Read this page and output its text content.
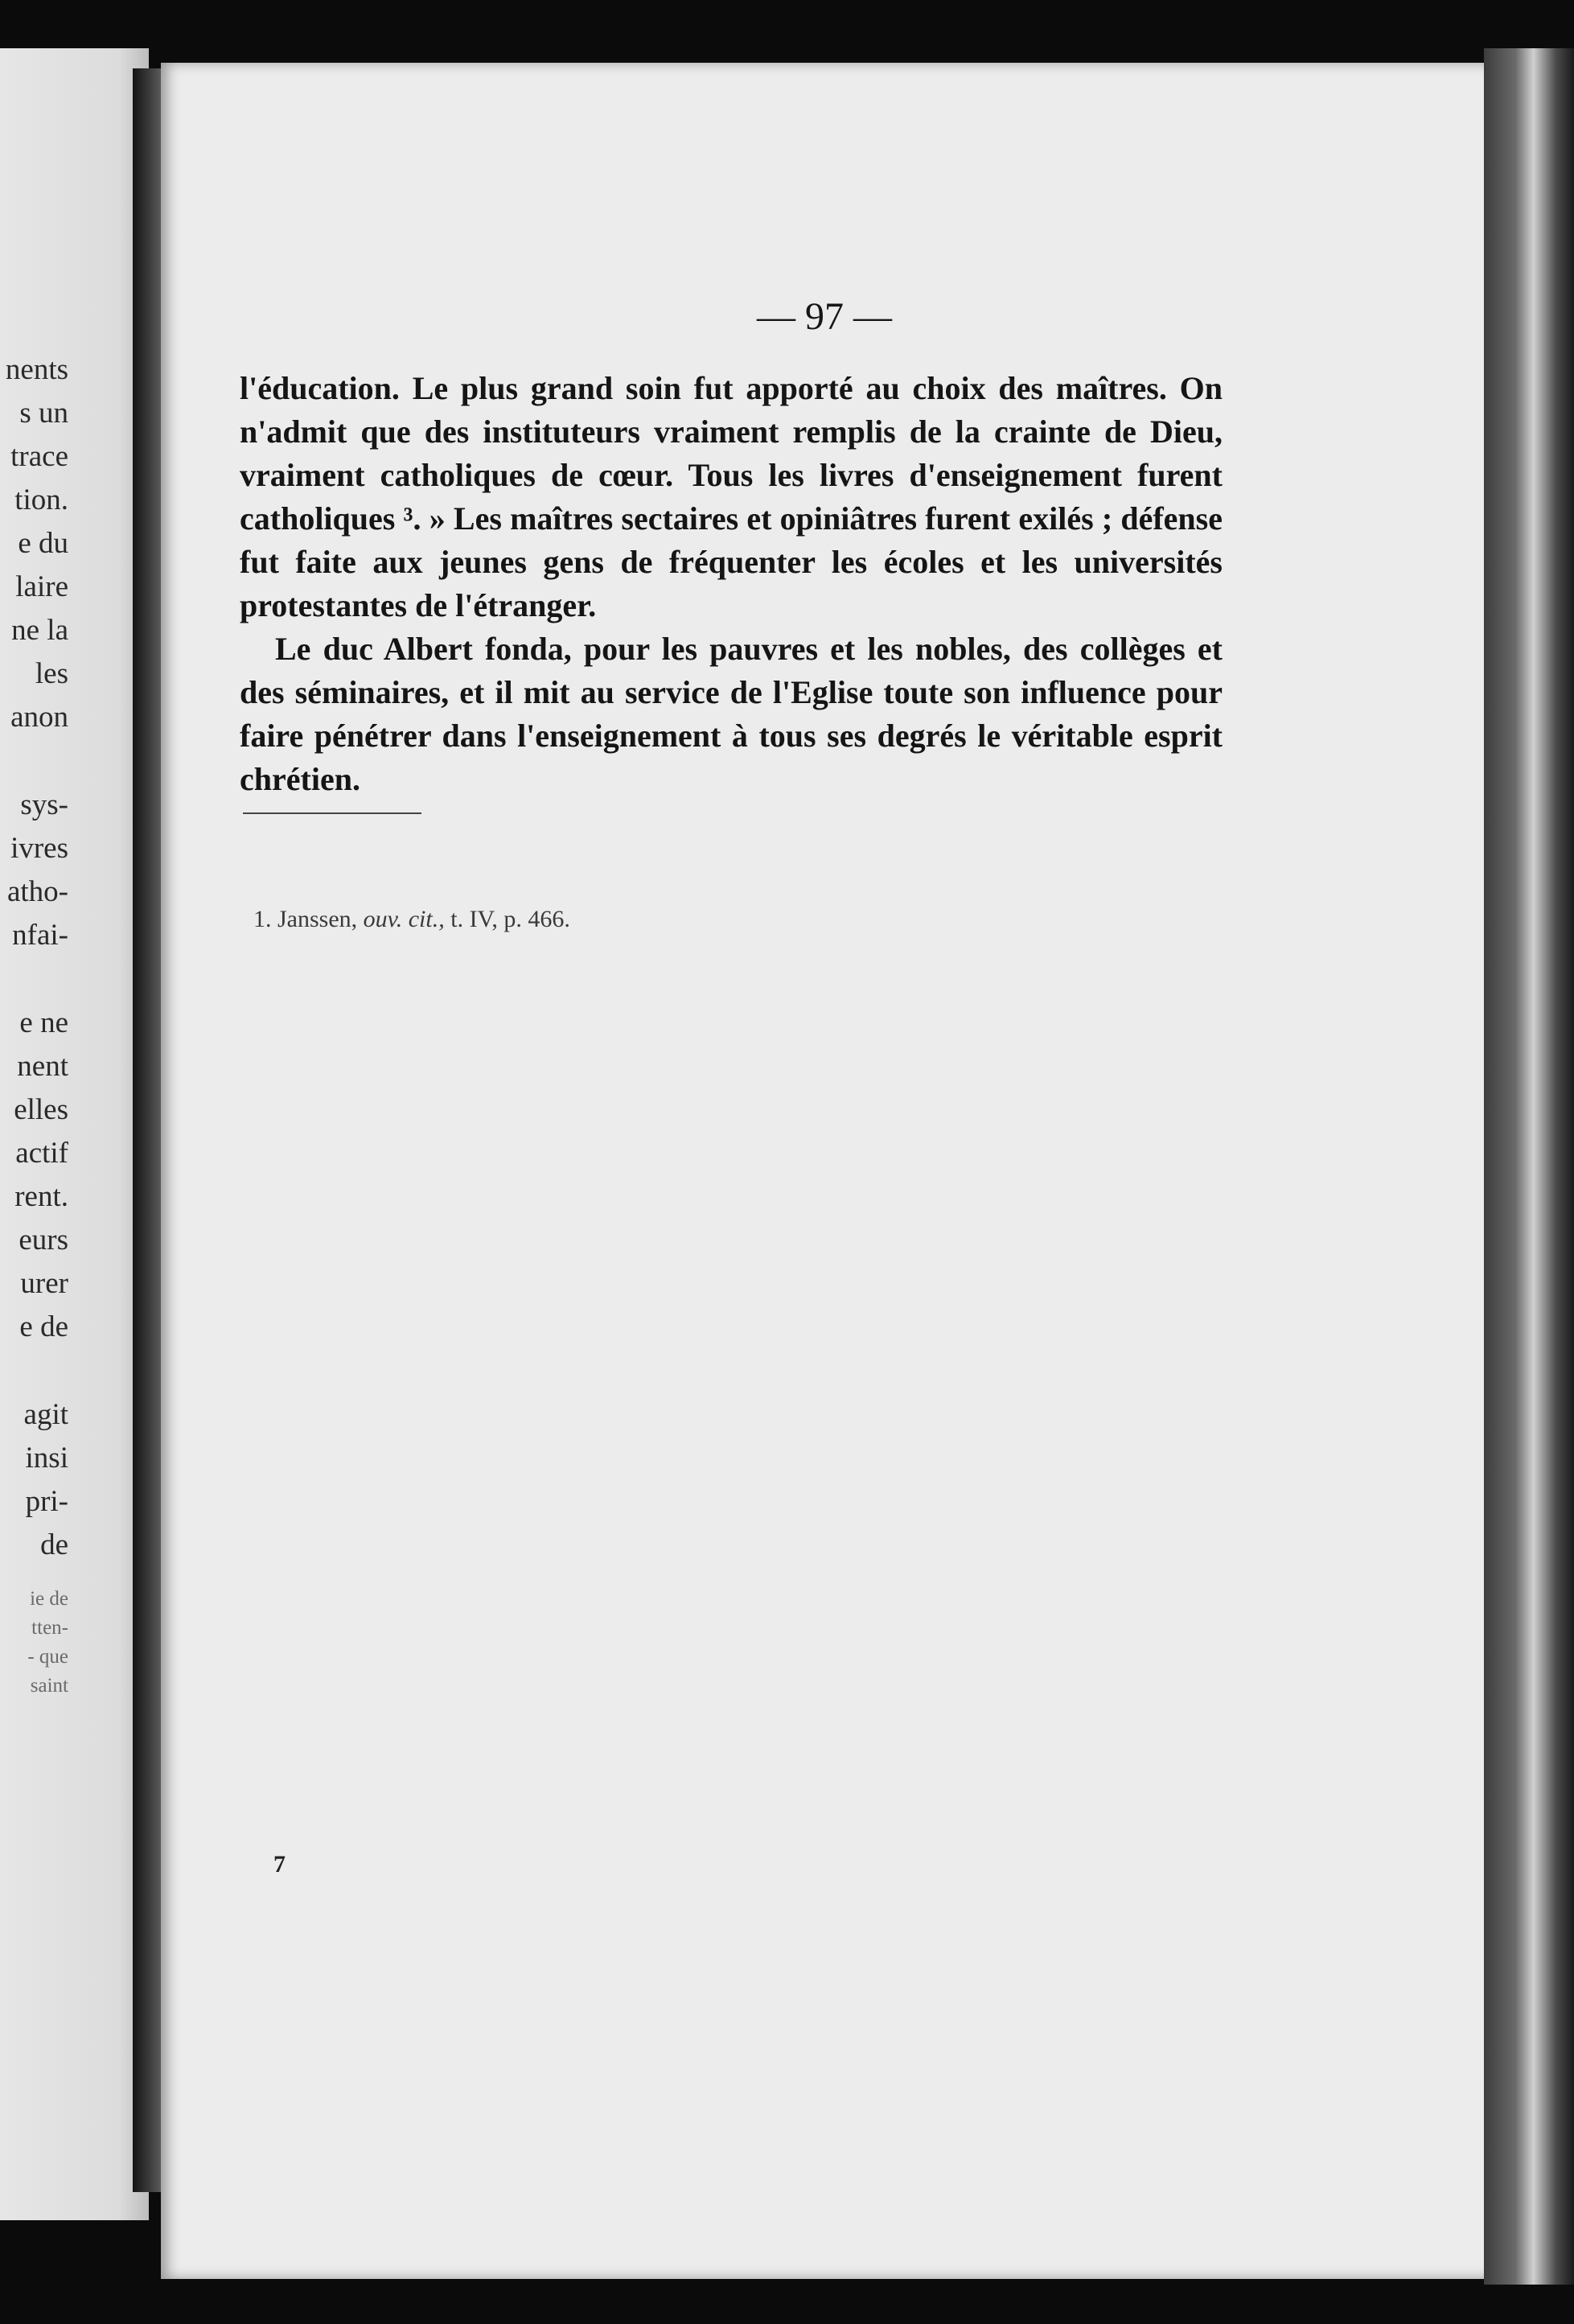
nents
s un
trace
tion.
e du
laire
ne la
les
anon
sys-
ivres
atho-
nfai-
e ne
nent
elles
actif
rent.
eurs
urer
e de
agit
insi
pri-
de
ie de
tten-
- que
saint
— 97 —

l'éducation. Le plus grand soin fut apporté au choix des maîtres. On n'admit que des instituteurs vraiment remplis de la crainte de Dieu, vraiment catholiques de cœur. Tous les livres d'enseignement furent catholiques ³. » Les maîtres sectaires et opiniâtres furent exilés ; défense fut faite aux jeunes gens de fréquenter les écoles et les universités protestantes de l'étranger.

Le duc Albert fonda, pour les pauvres et les nobles, des collèges et des séminaires, et il mit au service de l'Eglise toute son influence pour faire pénétrer dans l'enseignement à tous ses degrés le véritable esprit chrétien.

1. Janssen, ouv. cit., t. IV, p. 466.
7
